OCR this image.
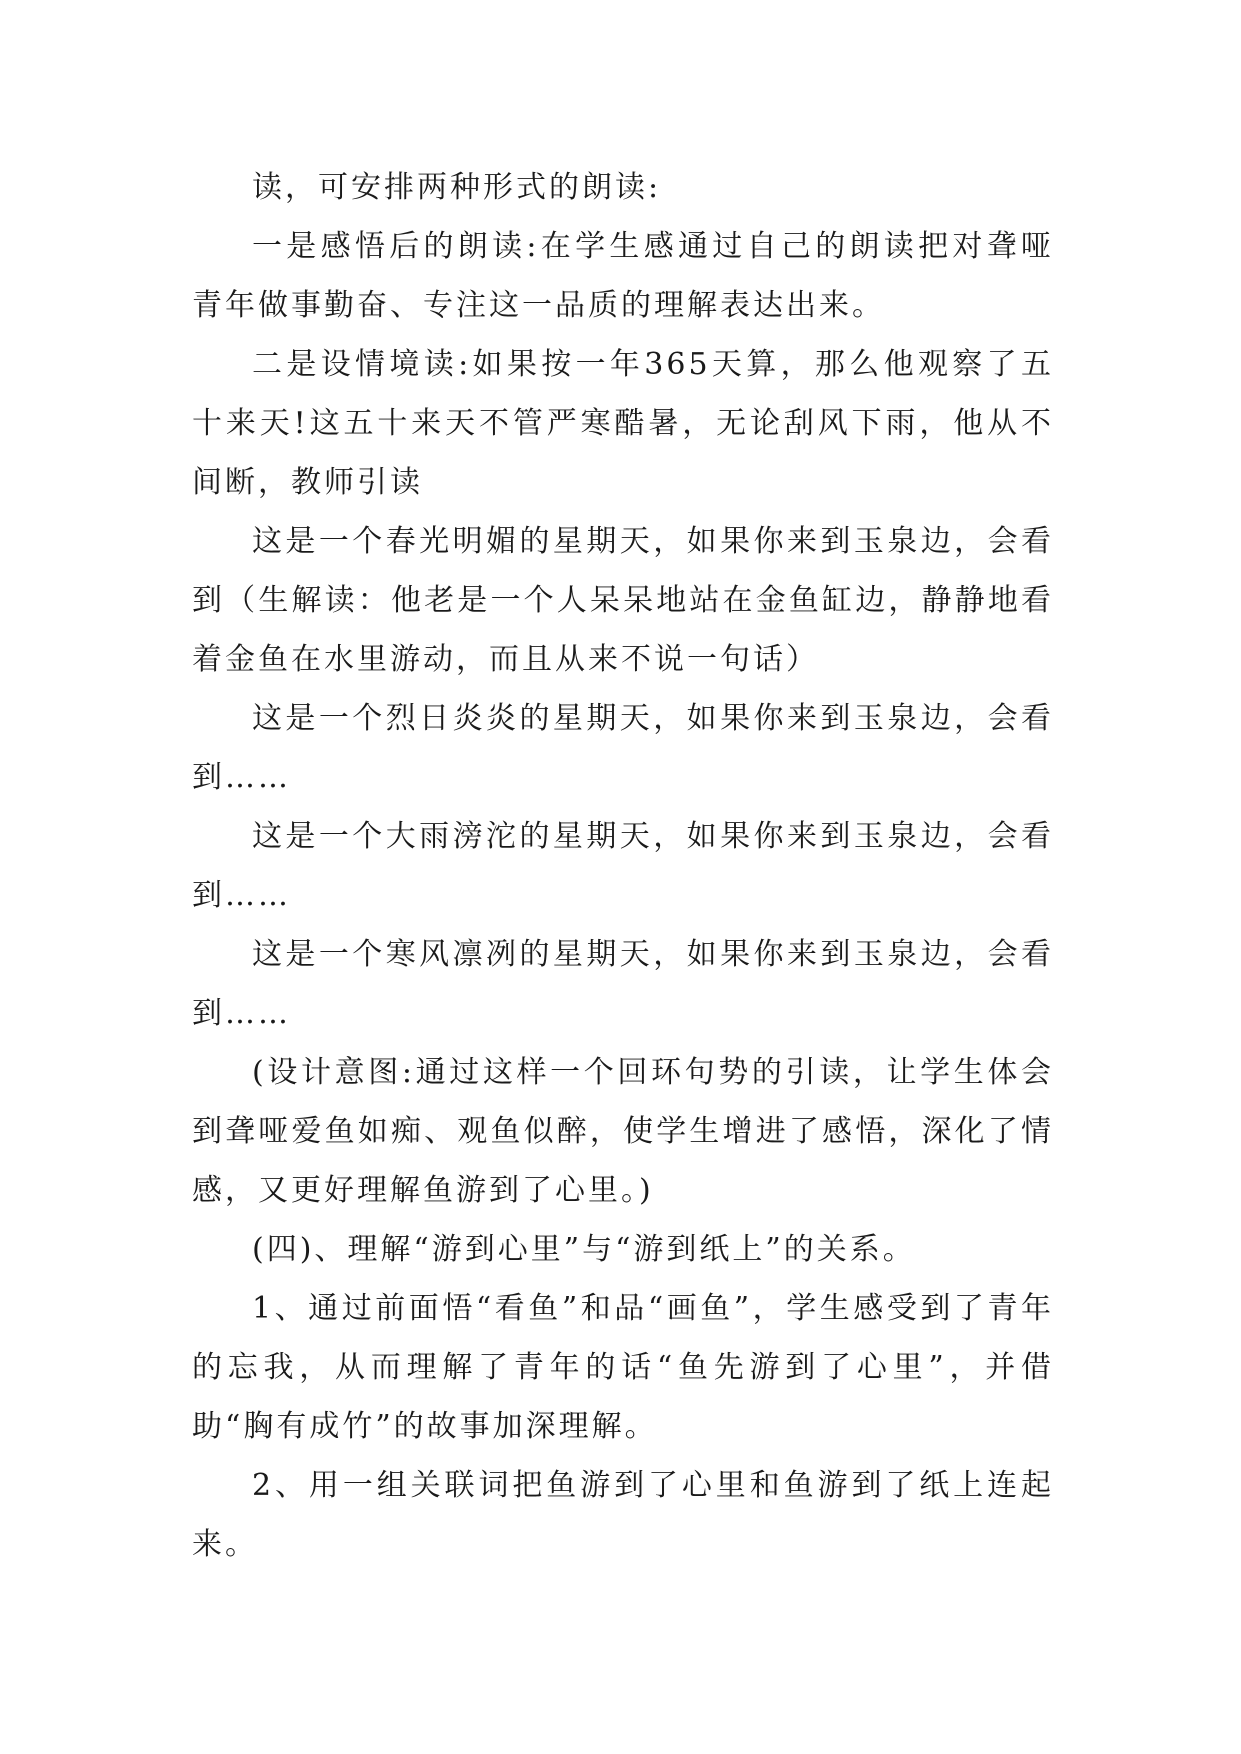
读，可安排两种形式的朗读:

一是感悟后的朗读:在学生感通过自己的朗读把对聋哑青年做事勤奋、专注这一品质的理解表达出来。

二是设情境读:如果按一年365天算，那么他观察了五十来天!这五十来天不管严寒酷暑，无论刮风下雨，他从不间断，教师引读

这是一个春光明媚的星期天，如果你来到玉泉边，会看到（生解读：他老是一个人呆呆地站在金鱼缸边，静静地看着金鱼在水里游动，而且从来不说一句话）

这是一个烈日炎炎的星期天，如果你来到玉泉边，会看到……

这是一个大雨滂沱的星期天，如果你来到玉泉边，会看到……

这是一个寒风凛冽的星期天，如果你来到玉泉边，会看到……

(设计意图:通过这样一个回环句势的引读，让学生体会到聋哑爱鱼如痴、观鱼似醉，使学生增进了感悟，深化了情感，又更好理解鱼游到了心里。)

(四)、理解“游到心里”与“游到纸上”的关系。

1、通过前面悟“看鱼”和品“画鱼”，学生感受到了青年的忘我，从而理解了青年的话“鱼先游到了心里”，并借助“胸有成竹”的故事加深理解。

2、用一组关联词把鱼游到了心里和鱼游到了纸上连起来。
